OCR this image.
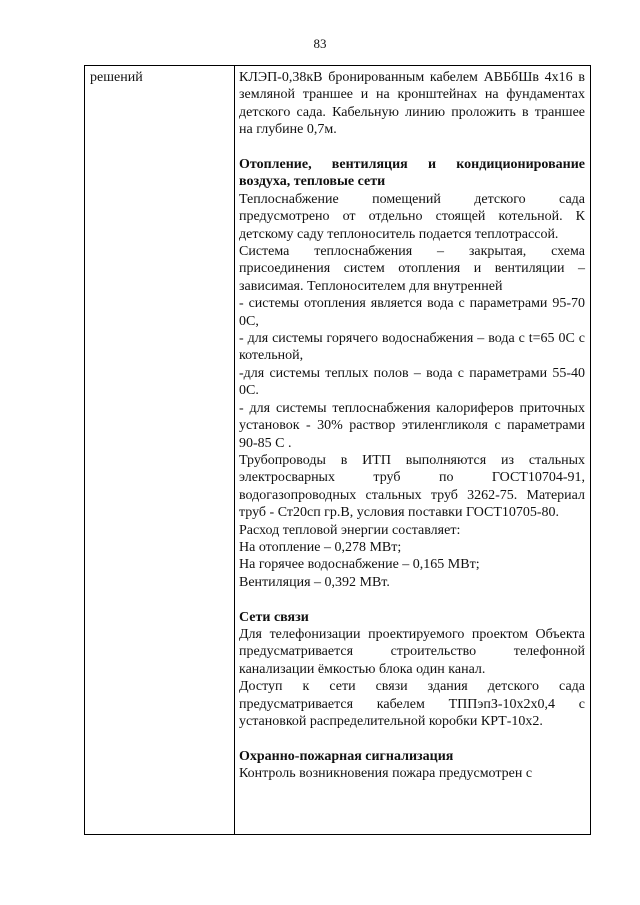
83
решений	КЛЭП-0,38кВ бронированным кабелем АВБбШв 4х16 в земляной траншее и на кронштейнах на фундаментах детского сада. Кабельную линию проложить в траншее на глубине 0,7м.

Отопление, вентиляция и кондиционирование воздуха, тепловые сети

Теплоснабжение помещений детского сада предусмотрено от отдельно стоящей котельной. К детскому саду теплоноситель подается теплотрассой.

Система теплоснабжения – закрытая, схема присоединения систем отопления и вентиляции – зависимая. Теплоносителем для внутренней

- системы отопления является вода с параметрами 95-70 0С,

- для системы горячего водоснабжения – вода с t=65 0С с котельной,

-для системы теплых полов – вода с параметрами 55-40 0С.

- для системы теплоснабжения калориферов приточных установок - 30% раствор этиленгликоля с параметрами 90-85 С .

Трубопроводы в ИТП выполняются из стальных электросварных труб по ГОСТ10704-91, водогазопроводных стальных труб 3262-75. Материал труб - Ст20сп гр.В, условия поставки ГОСТ10705-80.

Расход тепловой энергии составляет:

На отопление – 0,278 МВт;

На горячее водоснабжение – 0,165 МВт;

Вентиляция – 0,392 МВт.

Сети связи

Для телефонизации проектируемого проектом Объекта предусматривается строительство телефонной канализации ёмкостью блока один канал.

Доступ к сети связи здания детского сада предусматривается кабелем ТППэпЗ-10х2х0,4 с установкой распределительной коробки КРТ-10х2.

Охранно-пожарная сигнализация

Контроль возникновения пожара предусмотрен с
